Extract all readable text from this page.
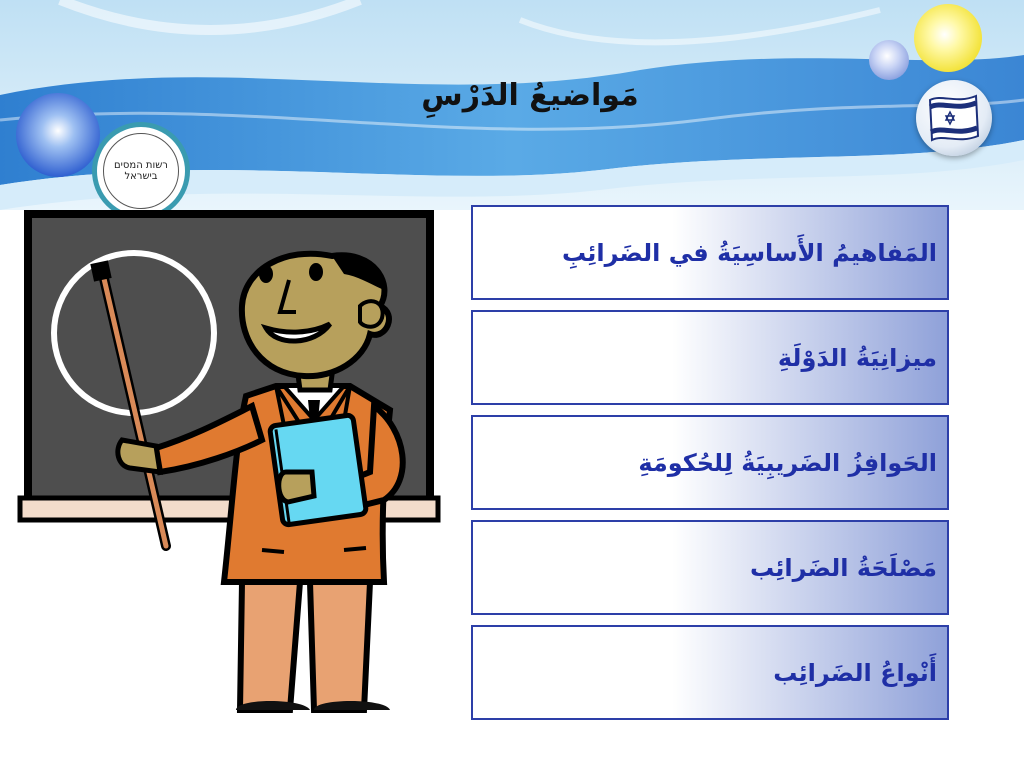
مَواضيعُ الدَرْسِ
רשות המסים בישראל
المَفاهيمُ الأَساسِيَةُ في الضَرائِبِ
ميزانِيَةُ الدَوْلَةِ
الحَوافِزُ الضَريبِيَةُ لِلحُكومَةِ
مَصْلَحَةُ الضَرائِب
أَنْواعُ الضَرائِب
